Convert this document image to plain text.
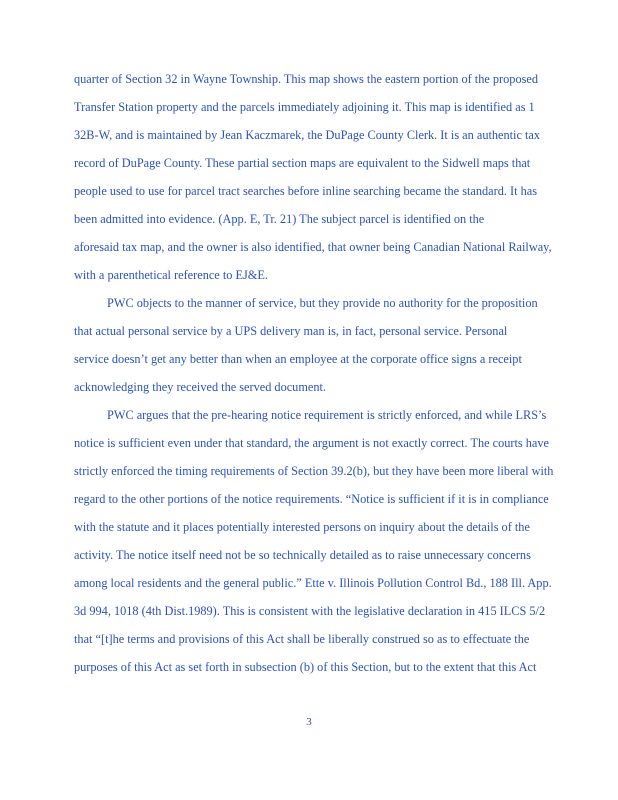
quarter of Section 32 in Wayne Township. This map shows the eastern portion of the proposed
Transfer Station property and the parcels immediately adjoining it. This map is identified as 1
32B-W, and is maintained by Jean Kaczmarek, the DuPage County Clerk. It is an authentic tax
record of DuPage County. These partial section maps are equivalent to the Sidwell maps that
people used to use for parcel tract searches before inline searching became the standard. It has
been admitted into evidence. (App. E, Tr. 21) The subject parcel is identified on the
aforesaid tax map, and the owner is also identified, that owner being Canadian National Railway,
with a parenthetical reference to EJ&E.
PWC objects to the manner of service, but they provide no authority for the proposition
that actual personal service by a UPS delivery man is, in fact, personal service. Personal
service doesn’t get any better than when an employee at the corporate office signs a receipt
acknowledging they received the served document.
PWC argues that the pre-hearing notice requirement is strictly enforced, and while LRS’s
notice is sufficient even under that standard, the argument is not exactly correct. The courts have
strictly enforced the timing requirements of Section 39.2(b), but they have been more liberal with
regard to the other portions of the notice requirements. “Notice is sufficient if it is in compliance
with the statute and it places potentially interested persons on inquiry about the details of the
activity. The notice itself need not be so technically detailed as to raise unnecessary concerns
among local residents and the general public.” Ette v. Illinois Pollution Control Bd., 188 Ill. App.
3d 994, 1018 (4th Dist.1989). This is consistent with the legislative declaration in 415 ILCS 5/2
that “[t]he terms and provisions of this Act shall be liberally construed so as to effectuate the
purposes of this Act as set forth in subsection (b) of this Section, but to the extent that this Act
3
